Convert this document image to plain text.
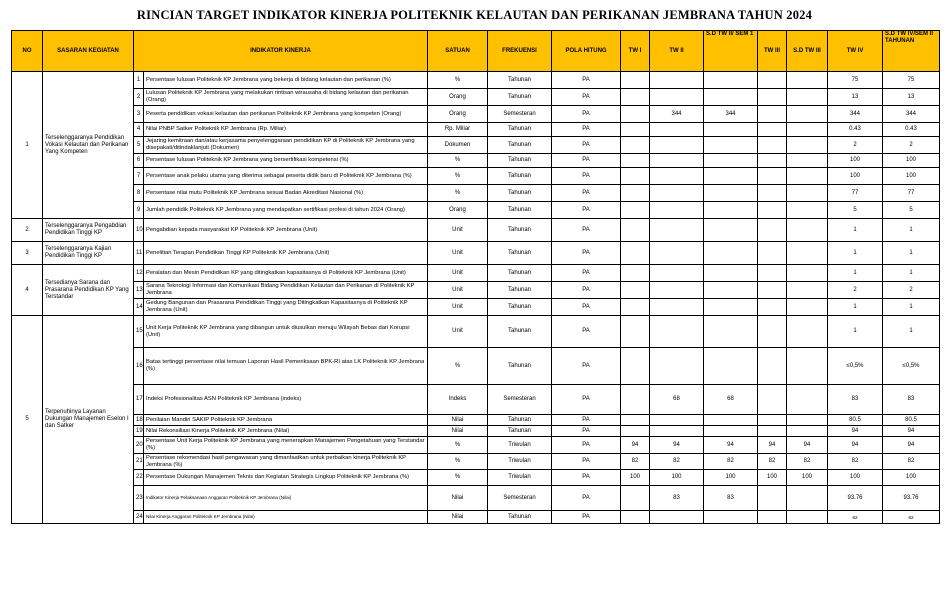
RINCIAN TARGET INDIKATOR KINERJA POLITEKNIK KELAUTAN DAN PERIKANAN JEMBRANA TAHUN 2024
NO	SASARAN KEGIATAN	INDIKATOR KINERJA		SATUAN	FREKUENSI	POLA HITUNG	TW I	TW II	S.D TW II/ SEM 1	TW III	S.D TW III	TW IV	S.D TW IV/SEM II TAHUNAN
1	Terselenggaranya Pendidikan Vokasi Kelautan dan Perikanan Yang Kompeten	1	Persentase lulusan Politeknik KP Jembrana yang bekerja di bidang kelautan dan perikanan (%)	%	Tahunan	PA						75	75
		2	Lulusan Politeknik KP Jembrana yang melakukan rintisan wirausaha di bidang kelautan dan perikanan (Orang)	Orang	Tahunan	PA						13	13
		3	Peserta pendidikan vokasi kelautan dan perikanan Politeknik KP Jembrana yang kompeten (Orang)	Orang	Semesteran	PA		344	344			344	344
		4	Nilai PNBP Satker Politeknik KP Jembrana (Rp. Miliar)	Rp. Miliar	Tahunan	PA						0.43	0.43
		5	Jejaring kemitraan dan/atau kerjasama penyelenggaraan pendidikan KP di Politeknik KP Jembrana yang disepakati/ditindaklanjuti (Dokumen)	Dokumen	Tahunan	PA						2	2
		6	Persentase lulusan Politeknik KP Jembrana yang bersertifikasi kompetensi (%)	%	Tahunan	PA						100	100
		7	Persentase anak pelaku utama yang diterima sebagai peserta didik baru di Politeknik KP Jembrana (%)	%	Tahunan	PA						100	100
		8	Persentase nilai mutu Politeknik KP Jembrana sesuai Badan Akreditasi Nasional (%)	%	Tahunan	PA						77	77
		9	Jumlah pendidik Politeknik KP Jembrana yang mendapatkan sertifikasi profesi di tahun 2024 (Orang)	Orang	Tahunan	PA						5	5
2	Terselenggaranya Pengabdian Pendidikan Tinggi KP	10	Pengabdian kepada masyarakat KP Politeknik KP Jembrana (Unit)	Unit	Tahunan	PA						1	1
3	Terselenggaranya Kajian Pendidikan Tinggi KP	11	Penelitian Terapan Pendidikan Tinggi KP Politeknik KP Jembrana (Unit)	Unit	Tahunan	PA						1	1
4	Tersedianya Sarana dan Prasarana Pendidikan KP Yang Terstandar	12	Peralatan dan Mesin Pendidikan KP yang ditingkatkan kapasitasnya di Politeknik KP Jembrana (Unit)	Unit	Tahunan	PA						1	1
		13	Sarana Teknologi Informasi dan Komunikasi Bidang Pendidikan Kelautan dan Perikanan di Politeknik KP Jembrana	Unit	Tahunan	PA						2	2
		14	Gedung Bangunan dan Prasarana Pendidikan Tinggi yang Ditingkatkan Kapasitasnya di Politeknik KP Jembrana (Unit)	Unit	Tahunan	PA						1	1
5	Terpenuhinya Layanan Dukungan Manajemen Eselon I dan Satker	15	Unit Kerja Politeknik KP Jembrana yang dibangun untuk diusulkan menuju Wilayah Bebas dari Korupsi (Unit)	Unit	Tahunan	PA						1	1
		16	Batas tertinggi persentase nilai temuan Laporan Hasil Pemeriksaan BPK-RI atas LK Politeknik KP Jembrana (%)	%	Tahunan	PA						≤0,5%	≤0,5%
		17	Indeks Profesionalitas ASN Politeknik KP Jembrana (indeks)	Indeks	Semesteran	PA		68	68			83	83
		18	Penilaian Mandiri SAKIP Politeknik KP Jembrana	Nilai	Tahunan	PA						80.5	80.5
		19	Nilai Rekonsiliasi Kinerja Politeknik KP Jembrana (Nilai)	Nilai	Tahunan	PA						94	94
		20	Persentase Unit Kerja Politeknik KP Jembrana yang menerapkan Manajemen Pengetahuan yang Terstandar (%)	%	Triwulan	PA	94	94	94	94	94	94	94
		21	Persentase rekomendasi hasil pengawasan yang dimanfaatkan untuk perbaikan kinerja Politeknik KP Jembrana (%)	%	Triwulan	PA	82	82	82	82	82	82	82
		22	Persentase Dukungan Manajemen Teknis dan Kegiatan Strategis Lingkup Politeknik KP Jembrana (%)	%	Triwulan	PA	100	100	100	100	100	100	100
		23	Indikator Kinerja Pelaksanaan Anggaran Politeknik KP Jembrana (Nilai)	Nilai	Semesteran	PA		83	83			93.76	93.76
		24	Nilai Kinerja Anggaran Politeknik KP Jembrana (Nilai)	Nilai	Tahunan	PA						82	82
